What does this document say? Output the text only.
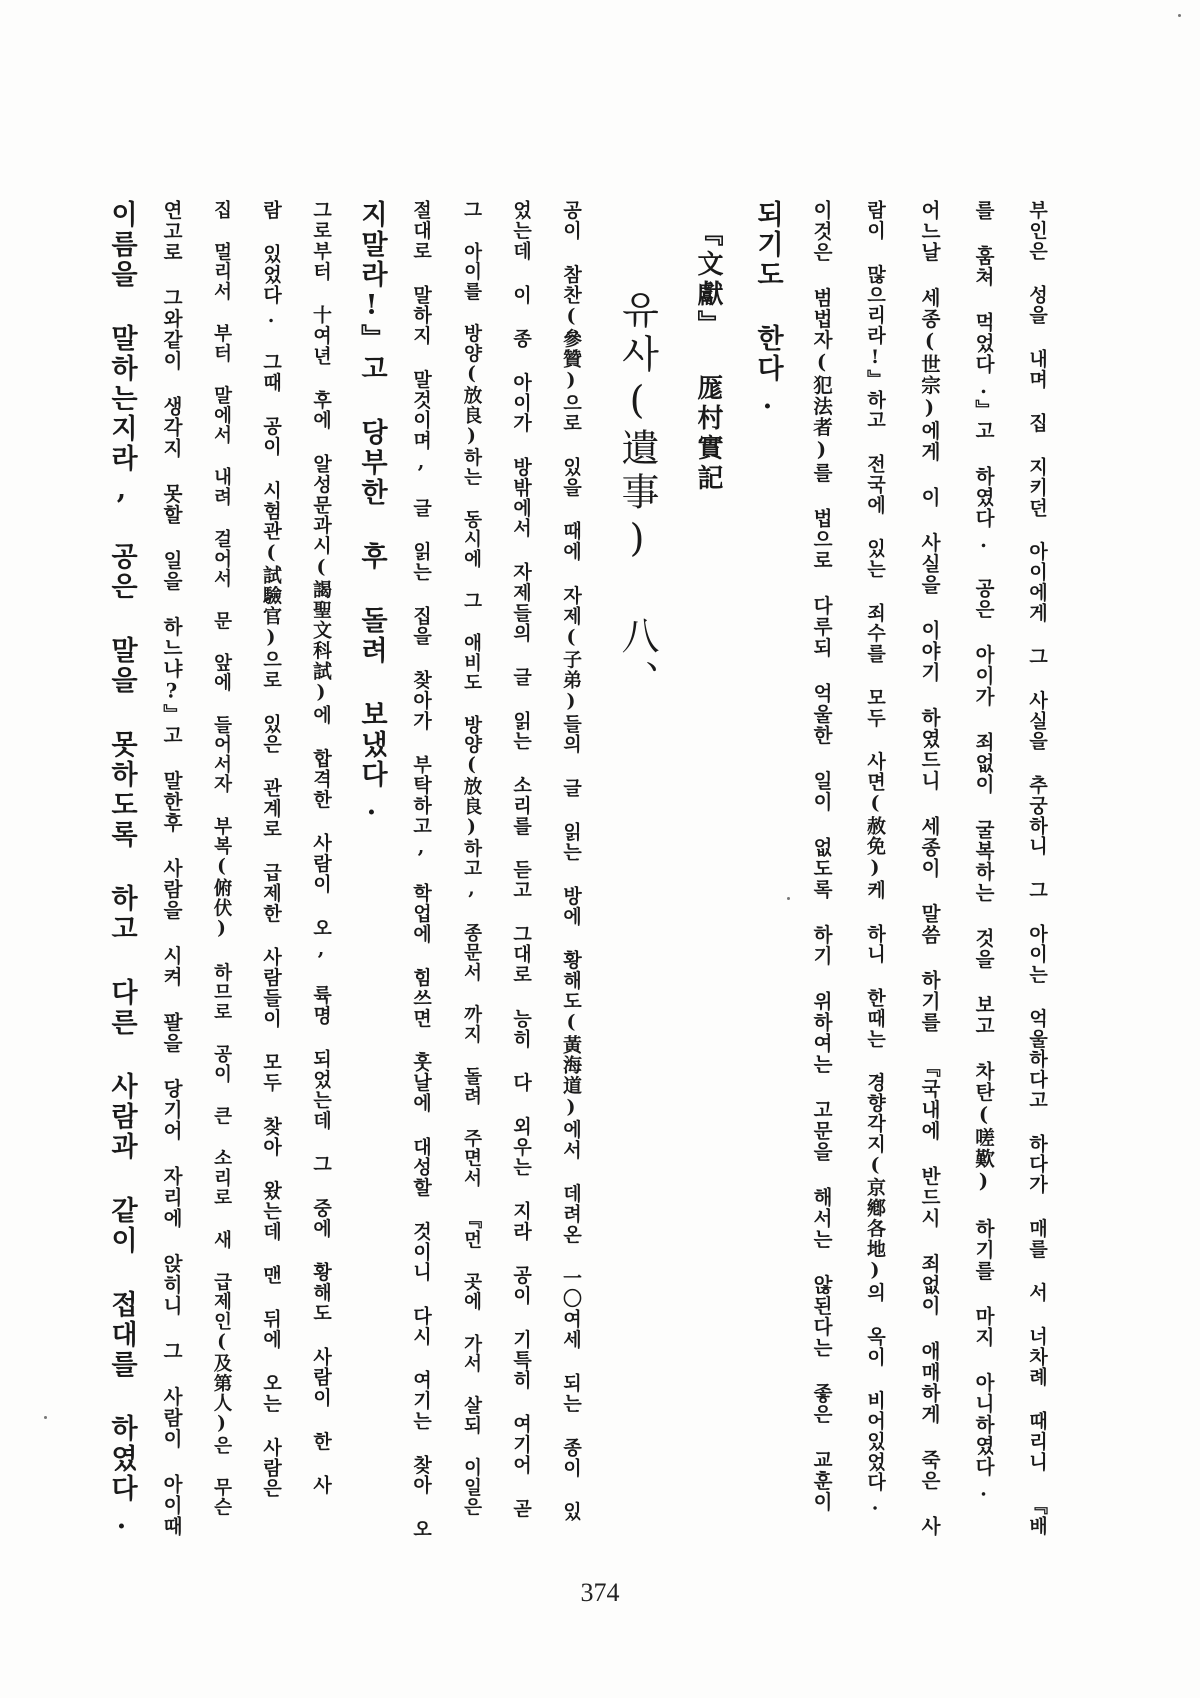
부인은 성을 내며 집 지키던 아이에게 그 사실을 추궁하니 그 아이는 억울하다고 하다가 매를 서 너차례 때리니 『배
를 훔쳐 먹었다.』고 하였다. 공은 아이가 죄없이 굴복하는 것을 보고 차탄(嗟歎) 하기를 마지 아니하였다.
어느날 세종(世宗)에게 이 사실을 이야기 하였드니 세종이 말씀 하기를 『국내에 반드시 죄없이 애매하게 죽은 사
람이 많으리라!』하고 전국에 있는 죄수를 모두 사면(赦免)케 하니 한때는 경향각지(京鄕各地)의 옥이 비어있었다.
이것은 범법자(犯法者)를 법으로 다루되 억울한 일이 없도록 하기 위하여는 고문을 해서는 않된다는 좋은 교훈이
되기도 한다.
『文獻』 厖村實記
유사(遺事) 八、
공이 참찬(參贊)으로 있을 때에 자제(子弟)들의 글 읽는 방에 황해도(黃海道)에서 데려온 一〇여세 되는 종이 있
었는데 이 종 아이가 방밖에서 자제들의 글 읽는 소리를 듣고 그대로 능히 다 외우는 지라 공이 기특히 여기어 곧
그 아이를 방양(放良)하는 동시에 그 애비도 방양(放良)하고, 종문서 까지 돌려 주면서 『먼 곳에 가서 살되 이일은
절대로 말하지 말것이며, 글 읽는 집을 찾아가 부탁하고, 학업에 힘쓰면 훗날에 대성할 것이니 다시 여기는 찾아 오
지말라!』고 당부한 후 돌려 보냈다.
그로부터 十여년 후에 알성문과시(謁聖文科試)에 합격한 사람이 오, 륙명 되었는데 그 중에 황해도 사람이 한 사
람 있었다. 그때 공이 시험관(試驗官)으로 있은 관계로 급제한 사람들이 모두 찾아 왔는데 맨 뒤에 오는 사람은
집 멀리서 부터 말에서 내려 걸어서 문 앞에 들어서자 부복(俯伏) 하므로 공이 큰 소리로 새 급제인(及第人)은 무슨
연고로 그와같이 생각지 못할 일을 하느냐?』고 말한후 사람을 시켜 팔을 당기어 자리에 앉히니 그 사람이 아이때
이름을 말하는지라, 공은 말을 못하도록 하고 다른 사람과 같이 접대를 하였다.
374
